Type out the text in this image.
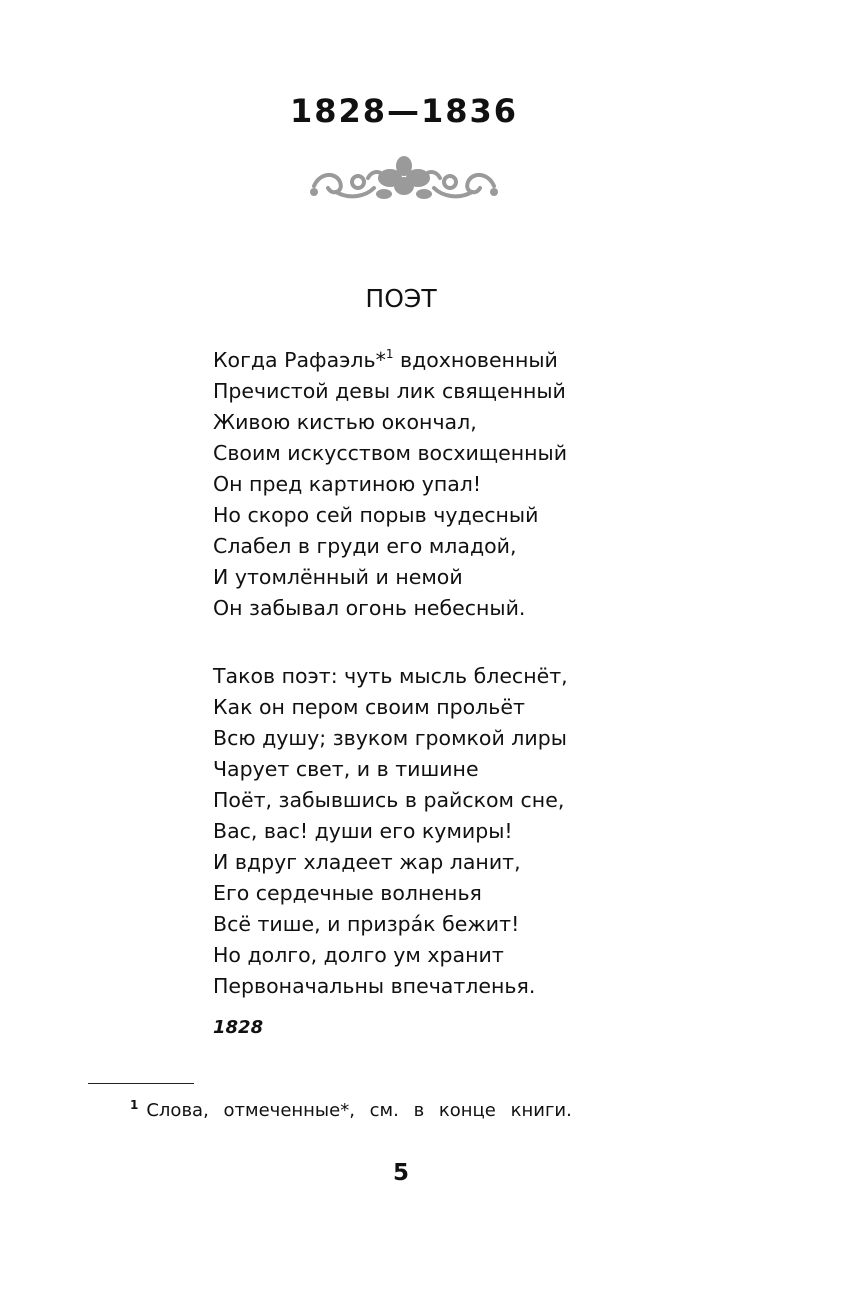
1828—1836
ПОЭТ
Когда Рафаэль*$^1$ вдохновенный
Пречистой девы лик священный
Живою кистью окончал,
Своим искусством восхищенный
Он пред картиною упал!
Но скоро сей порыв чудесный
Слабел в груди его младой,
И утомлённый и немой
Он забывал огонь небесный.
Таков поэт: чуть мысль блеснёт,
Как он пером своим прольёт
Всю душу; звуком громкой лиры
Чарует свет, и в тишине
Поёт, забывшись в райском сне,
Вас, вас! души его кумиры!
И вдруг хладеет жар ланит,
Его сердечные волненья
Всё тише, и призрáк бежит!
Но долго, долго ум хранит
Первоначальны впечатленья.
1828
$^1$ Слова, отмеченные*, см. в конце книги.
5
